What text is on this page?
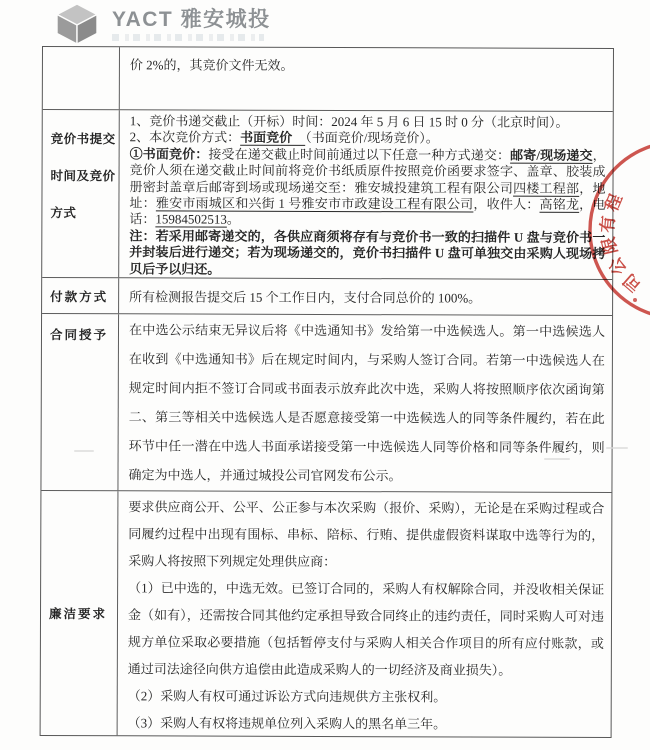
YACT 雅安城投

价 2%的，其竞价文件无效。

竞价书提交
时间及竞价
方式

1、竞价书递交截止（开标）时间：2024 年 5 月 6 日 15 时 0 分（北京时间）。

2、本次竞价方式：书面竞价　（书面竞价/现场竞价）。

①书面竞价：接受在递交截止时间前通过以下任意一种方式递交：邮寄/现场递交，竞价人须在递交截止时间前将竞价书纸质原件按照竞价函要求签字、盖章、胶装成册密封盖章后邮寄到场或现场递交至：雅安城投建筑工程有限公司四楼工程部，地址：雅安市雨城区和兴街 1 号雅安市市政建设工程有限公司，收件人：高铭龙，电话：15984502513。

注：若采用邮寄递交的，各供应商须将存有与竞价书一致的扫描件 U 盘与竞价书一并封装后进行递交；若为现场递交的，竞价书扫描件 U 盘可单独交由采购人现场拷贝后予以归还。

付款方式 所有检测报告提交后 15 个工作日内，支付合同总价的 100%。

合同授予	在中选公示结束无异议后将《中选通知书》发给第一中选候选人。第一中选候选人在收到《中选通知书》后在规定时间内，与采购人签订合同。若第一中选候选人在规定时间内拒不签订合同或书面表示放弃此次中选，采购人将按照顺序依次函询第二、第三等相关中选候选人是否愿意接受第一中选候选人的同等条件履约，若在此环节中任一潜在中选人书面承诺接受第一中选候选人同等价格和同等条件履约，则确定为中选人，并通过城投公司官网发布公示。

廉洁要求

要求供应商公开、公平、公正参与本次采购（报价、采购），无论是在采购过程或合同履约过程中出现有围标、串标、陪标、行贿、提供虚假资料谋取中选等行为的，采购人将按照下列规定处理供应商：

（1）已中选的，中选无效。已签订合同的，采购人有权解除合同，并没收相关保证金（如有），还需按合同其他约定承担导致合同终止的违约责任，同时采购人可对违规方单位采取必要措施（包括暂停支付与采购人相关合作项目的所有应付账款，或通过司法途径向供方追偿由此造成采购人的一切经济及商业损失）。

（2）采购人有权可通过诉讼方式向违规供方主张权利。

（3）采购人有权将违规单位列入采购人的黑名单三年。

程
有
限
公
司
